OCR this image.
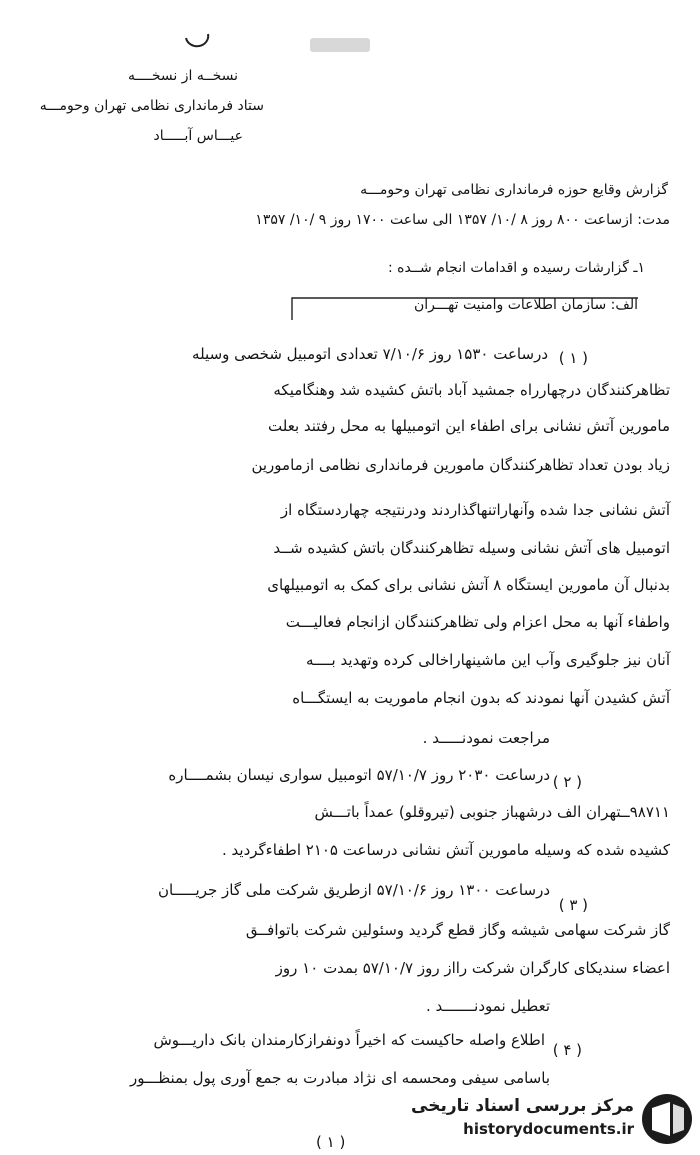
نسخــه از نسخــــه
ستاد فرمانداری نظامی تهران وحومـــه
عیـــاس آبـــــاد
گزارش وقایع حوزه فرمانداری نظامی تهران وحومـــه
مدت: ازساعت ۸۰۰ روز ۸ /۱۰/ ۱۳۵۷ الی ساعت ۱۷۰۰ روز ۹ /۱۰/ ۱۳۵۷
۱ـ گزارشات رسیده و اقدامات انجام شــده :
الف: سازمان اطلاعات وامنیت تهـــران
( ۱ )
درساعت ۱۵۳۰ روز ۷/۱۰/۶ تعدادی اتومبیل شخصی وسیله
تظاهرکنندگان درچهارراه جمشید آباد باتش کشیده شد وهنگامیکه
مامورین آتش نشانی برای اطفاء این اتومبیلها به محل رفتند بعلت
زیاد بودن تعداد تظاهرکنندگان مامورین فرمانداری نظامی ازمامورین
آتش نشانی جدا شده وآنهاراتنهاگذاردند ودرنتیجه چهاردستگاه از
اتومبیل های آتش نشانی وسیله تظاهرکنندگان باتش کشیده شــد
بدنبال آن مامورین ایستگاه ۸ آتش نشانی برای کمک به اتومبیلهای
واطفاء آنها به محل اعزام ولی تظاهرکنندگان ازانجام فعالیـــت
آنان نیز جلوگیری وآب این ماشینهاراخالی کرده وتهدید بــــه
آتش کشیدن آنها نمودند که بدون انجام ماموریت به ایستگـــاه
مراجعت نمودنـــــد .
( ۲ )
درساعت ۲۰۳۰ روز ۵۷/۱۰/۷ اتومبیل سواری نیسان بشمــــاره
۹۸۷۱۱ــتهران الف درشهباز جنوبی (تیروقلو) عمداً باتـــش
کشیده شده که وسیله مامورین آتش نشانی درساعت ۲۱۰۵ اطفاءگردید .
درساعت ۱۳۰۰ روز ۵۷/۱۰/۶ ازطریق شرکت ملی گاز جریـــــان
( ۳ )
گاز شرکت سهامی شیشه وگاز قطع گردید وسئولین شرکت باتوافــق
اعضاء سندیکای کارگران شرکت رااز روز ۵۷/۱۰/۷ بمدت ۱۰ روز
تعطیل نمودنـــــــد .
( ۴ )
اطلاع واصله حاکیست که اخیراً دونفرازکارمندان بانک داریـــوش
باسامی سیفی ومحسمه ای نژاد مبادرت به جمع آوری پول بمنظـــور
( ۱ )
مرکز بررسی اسناد تاریخی
historydocuments.ir
